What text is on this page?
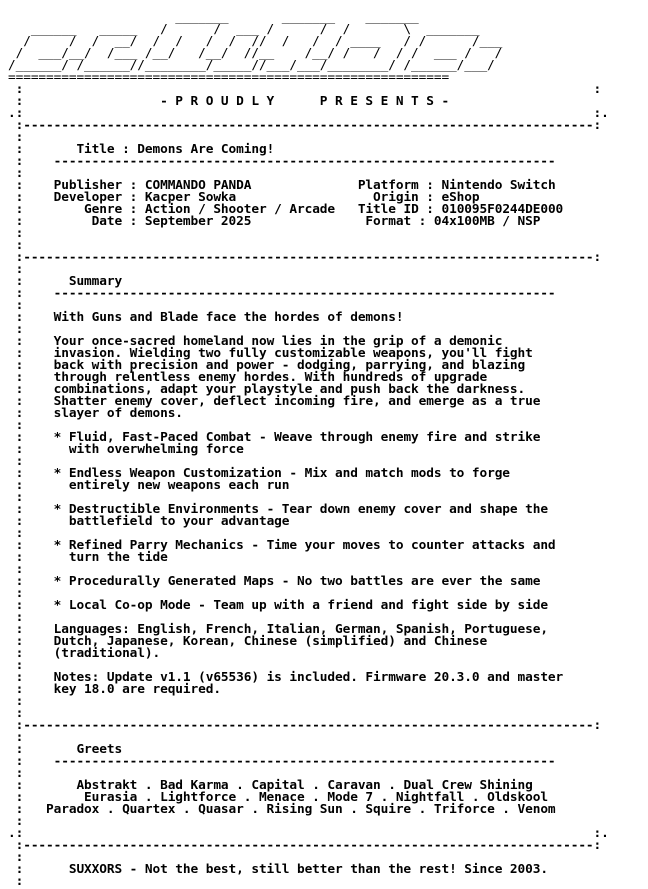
_______       _______    _______
______   _____   /      /  ___ /      /  /       \  _______
/     /  /  __/  /  /   /  /  //  /   /  / ____   / /      /___
/  ___/__/  /___ /__/   /__/  //__    /__/ /   /  / /  ___ /   /
/______/ /______//________/_____//___/___/________/ /______/___/
==========================================================
:                                                                           :
:                  - P R O U D L Y      P R E S E N T S -
.:                                                                           :.
:---------------------------------------------------------------------------:
:
:       Title : Demons Are Coming!
:    ------------------------------------------------------------------
:
:    Publisher : COMMANDO PANDA	Platform : Nintendo Switch
:    Developer : Kacper Sowka	Origin : eShop
:        Genre : Action / Shooter / Arcade Title ID : 010095F0244DE000
:         Date : September 2025	Format : 04x100MB / NSP
:
:
:---------------------------------------------------------------------------:
:
:      Summary
:    ------------------------------------------------------------------
:
:    With Guns and Blade face the hordes of demons!
:
:    Your once-sacred homeland now lies in the grip of a demonic
:    invasion. Wielding two fully customizable weapons, you'll fight
:    back with precision and power - dodging, parrying, and blazing
:    through relentless enemy hordes. With hundreds of upgrade
:    combinations, adapt your playstyle and push back the darkness.
:    Shatter enemy cover, deflect incoming fire, and emerge as a true
:    slayer of demons.
:
:    * Fluid, Fast-Paced Combat - Weave through enemy fire and strike
:      with overwhelming force
:
:    * Endless Weapon Customization - Mix and match mods to forge
:      entirely new weapons each run
:
:    * Destructible Environments - Tear down enemy cover and shape the
:      battlefield to your advantage
:
:    * Refined Parry Mechanics - Time your moves to counter attacks and
:      turn the tide
:
:    * Procedurally Generated Maps - No two battles are ever the same
:
:    * Local Co-op Mode - Team up with a friend and fight side by side
:
:    Languages: English, French, Italian, German, Spanish, Portuguese,
:    Dutch, Japanese, Korean, Chinese (simplified) and Chinese
:    (traditional).
:
:    Notes: Update v1.1 (v65536) is included. Firmware 20.3.0 and master
:    key 18.0 are required.
:
:
:---------------------------------------------------------------------------:
:
:       Greets
:    ------------------------------------------------------------------
:
:       Abstrakt . Bad Karma . Capital . Caravan . Dual Crew Shining
:        Eurasia . Lightforce . Menace . Mode 7 . Nightfall . Oldskool
:   Paradox . Quartex . Quasar . Rising Sun . Squire . Triforce . Venom
:
.:                                                                           :.
:---------------------------------------------------------------------------:
:
:      SUXXORS - Not the best, still better than the rest! Since 2003.
:
